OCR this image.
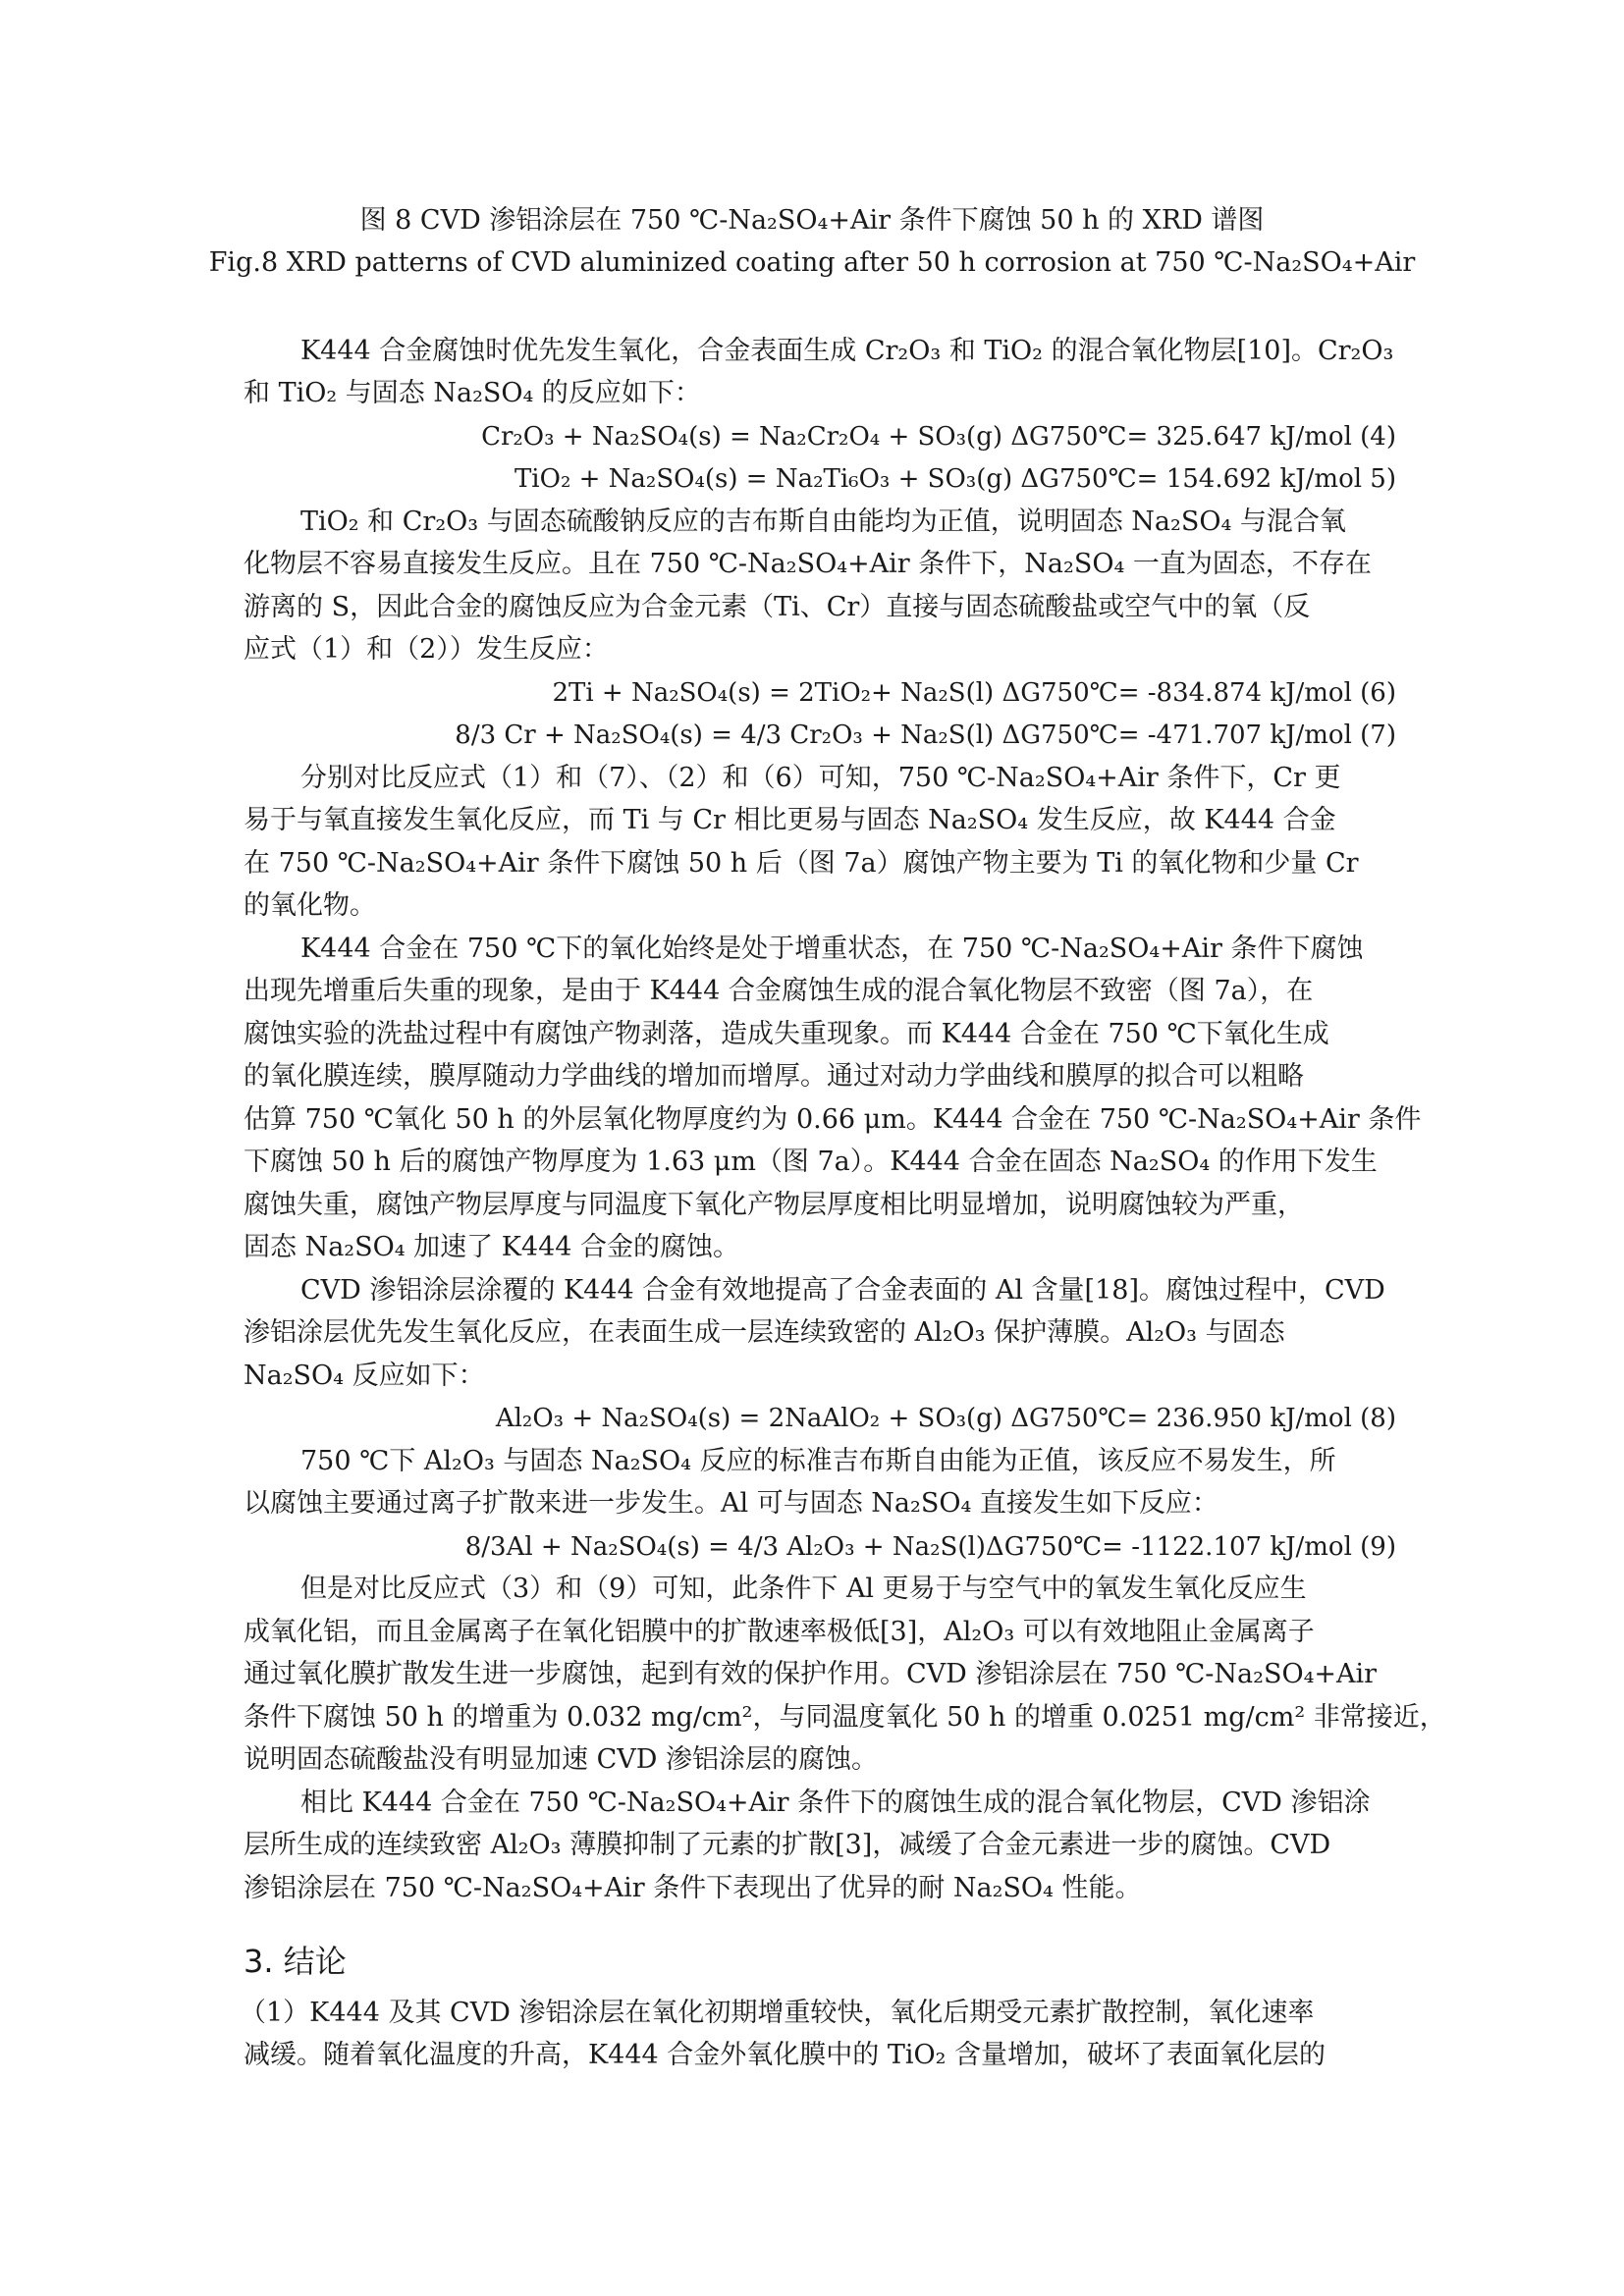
图 8 CVD 渗铝涂层在 750 ℃-Na₂SO₄+Air 条件下腐蚀 50 h 的 XRD 谱图
Fig.8 XRD patterns of CVD aluminized coating after 50 h corrosion at 750 ℃-Na₂SO₄+Air
K444 合金腐蚀时优先发生氧化，合金表面生成 Cr₂O₃ 和 TiO₂ 的混合氧化物层[10]。Cr₂O₃
和 TiO₂ 与固态 Na₂SO₄ 的反应如下：
Cr₂O₃ + Na₂SO₄(s) = Na₂Cr₂O₄ + SO₃(g) ΔG750℃= 325.647 kJ/mol (4)
TiO₂ + Na₂SO₄(s) = Na₂Ti₆O₃ + SO₃(g) ΔG750℃= 154.692 kJ/mol 5)
TiO₂ 和 Cr₂O₃ 与固态硫酸钠反应的吉布斯自由能均为正值，说明固态 Na₂SO₄ 与混合氧
化物层不容易直接发生反应。且在 750 ℃-Na₂SO₄+Air 条件下，Na₂SO₄ 一直为固态，不存在
游离的 S，因此合金的腐蚀反应为合金元素（Ti、Cr）直接与固态硫酸盐或空气中的氧（反
应式（1）和（2））发生反应：
2Ti + Na₂SO₄(s) = 2TiO₂+ Na₂S(l) ΔG750℃= -834.874 kJ/mol (6)
8/3 Cr + Na₂SO₄(s) = 4/3 Cr₂O₃ + Na₂S(l) ΔG750℃= -471.707 kJ/mol (7)
分别对比反应式（1）和（7）、（2）和（6）可知，750 ℃-Na₂SO₄+Air 条件下，Cr 更
易于与氧直接发生氧化反应，而 Ti 与 Cr 相比更易与固态 Na₂SO₄ 发生反应，故 K444 合金
在 750 ℃-Na₂SO₄+Air 条件下腐蚀 50 h 后（图 7a）腐蚀产物主要为 Ti 的氧化物和少量 Cr
的氧化物。
K444 合金在 750 ℃下的氧化始终是处于增重状态，在 750 ℃-Na₂SO₄+Air 条件下腐蚀
出现先增重后失重的现象，是由于 K444 合金腐蚀生成的混合氧化物层不致密（图 7a），在
腐蚀实验的洗盐过程中有腐蚀产物剥落，造成失重现象。而 K444 合金在 750 ℃下氧化生成
的氧化膜连续，膜厚随动力学曲线的增加而增厚。通过对动力学曲线和膜厚的拟合可以粗略
估算 750 ℃氧化 50 h 的外层氧化物厚度约为 0.66 μm。K444 合金在 750 ℃-Na₂SO₄+Air 条件
下腐蚀 50 h 后的腐蚀产物厚度为 1.63 μm（图 7a）。K444 合金在固态 Na₂SO₄ 的作用下发生
腐蚀失重，腐蚀产物层厚度与同温度下氧化产物层厚度相比明显增加，说明腐蚀较为严重，
固态 Na₂SO₄ 加速了 K444 合金的腐蚀。
CVD 渗铝涂层涂覆的 K444 合金有效地提高了合金表面的 Al 含量[18]。腐蚀过程中，CVD
渗铝涂层优先发生氧化反应，在表面生成一层连续致密的 Al₂O₃ 保护薄膜。Al₂O₃ 与固态
Na₂SO₄ 反应如下：
Al₂O₃ + Na₂SO₄(s) = 2NaAlO₂ + SO₃(g) ΔG750℃= 236.950 kJ/mol (8)
750 ℃下 Al₂O₃ 与固态 Na₂SO₄ 反应的标准吉布斯自由能为正值，该反应不易发生，所
以腐蚀主要通过离子扩散来进一步发生。Al 可与固态 Na₂SO₄ 直接发生如下反应：
8/3Al + Na₂SO₄(s) = 4/3 Al₂O₃ + Na₂S(l)ΔG750℃= -1122.107 kJ/mol (9)
但是对比反应式（3）和（9）可知，此条件下 Al 更易于与空气中的氧发生氧化反应生
成氧化铝，而且金属离子在氧化铝膜中的扩散速率极低[3]，Al₂O₃ 可以有效地阻止金属离子
通过氧化膜扩散发生进一步腐蚀，起到有效的保护作用。CVD 渗铝涂层在 750 ℃-Na₂SO₄+Air
条件下腐蚀 50 h 的增重为 0.032 mg/cm²，与同温度氧化 50 h 的增重 0.0251 mg/cm² 非常接近，
说明固态硫酸盐没有明显加速 CVD 渗铝涂层的腐蚀。
相比 K444 合金在 750 ℃-Na₂SO₄+Air 条件下的腐蚀生成的混合氧化物层，CVD 渗铝涂
层所生成的连续致密 Al₂O₃ 薄膜抑制了元素的扩散[3]，减缓了合金元素进一步的腐蚀。CVD
渗铝涂层在 750 ℃-Na₂SO₄+Air 条件下表现出了优异的耐 Na₂SO₄ 性能。
3. 结论
（1）K444 及其 CVD 渗铝涂层在氧化初期增重较快，氧化后期受元素扩散控制，氧化速率
减缓。随着氧化温度的升高，K444 合金外氧化膜中的 TiO₂ 含量增加，破坏了表面氧化层的
